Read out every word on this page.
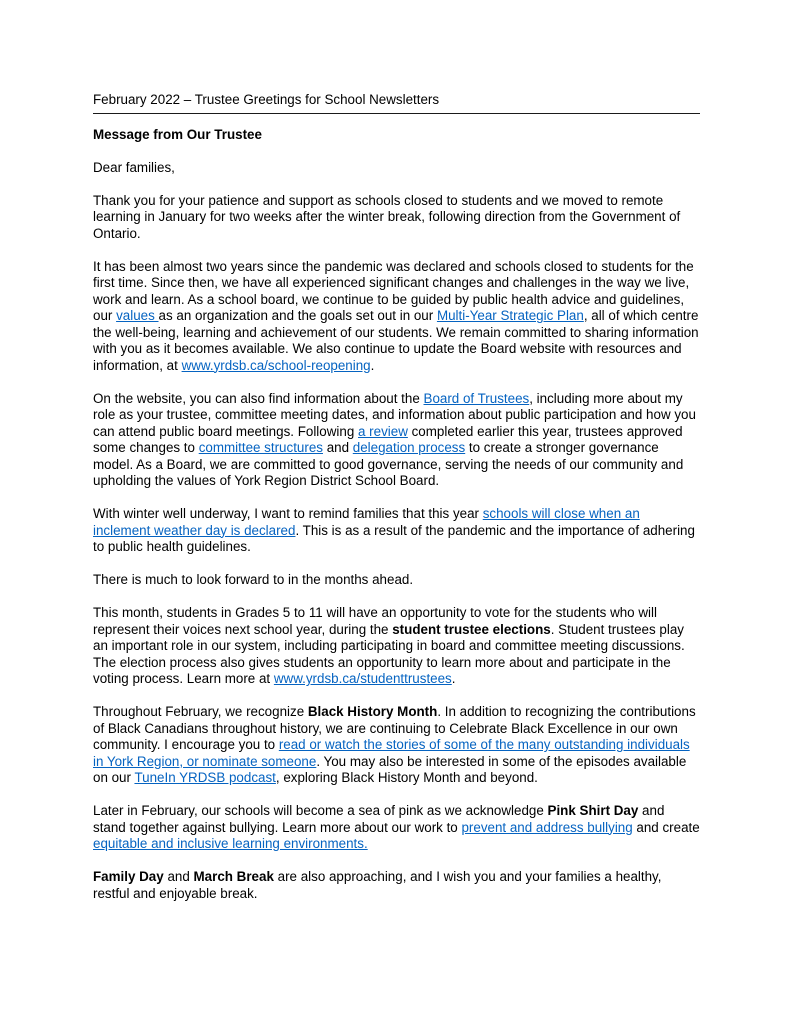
February 2022 – Trustee Greetings for School Newsletters

Message from Our Trustee

Dear families,

Thank you for your patience and support as schools closed to students and we moved to remote learning in January for two weeks after the winter break, following direction from the Government of Ontario.

It has been almost two years since the pandemic was declared and schools closed to students for the first time. Since then, we have all experienced significant changes and challenges in the way we live, work and learn. As a school board, we continue to be guided by public health advice and guidelines, our values as an organization and the goals set out in our Multi-Year Strategic Plan, all of which centre the well-being, learning and achievement of our students. We remain committed to sharing information with you as it becomes available. We also continue to update the Board website with resources and information, at www.yrdsb.ca/school-reopening.

On the website, you can also find information about the Board of Trustees, including more about my role as your trustee, committee meeting dates, and information about public participation and how you can attend public board meetings. Following a review completed earlier this year, trustees approved some changes to committee structures and delegation process to create a stronger governance model. As a Board, we are committed to good governance, serving the needs of our community and upholding the values of York Region District School Board.

With winter well underway, I want to remind families that this year schools will close when an inclement weather day is declared. This is as a result of the pandemic and the importance of adhering to public health guidelines.

There is much to look forward to in the months ahead.

This month, students in Grades 5 to 11 will have an opportunity to vote for the students who will represent their voices next school year, during the student trustee elections. Student trustees play an important role in our system, including participating in board and committee meeting discussions. The election process also gives students an opportunity to learn more about and participate in the voting process. Learn more at www.yrdsb.ca/studenttrustees.

Throughout February, we recognize Black History Month. In addition to recognizing the contributions of Black Canadians throughout history, we are continuing to Celebrate Black Excellence in our own community. I encourage you to read or watch the stories of some of the many outstanding individuals in York Region, or nominate someone. You may also be interested in some of the episodes available on our TuneIn YRDSB podcast, exploring Black History Month and beyond.

Later in February, our schools will become a sea of pink as we acknowledge Pink Shirt Day and stand together against bullying. Learn more about our work to prevent and address bullying and create equitable and inclusive learning environments.

Family Day and March Break are also approaching, and I wish you and your families a healthy, restful and enjoyable break.
